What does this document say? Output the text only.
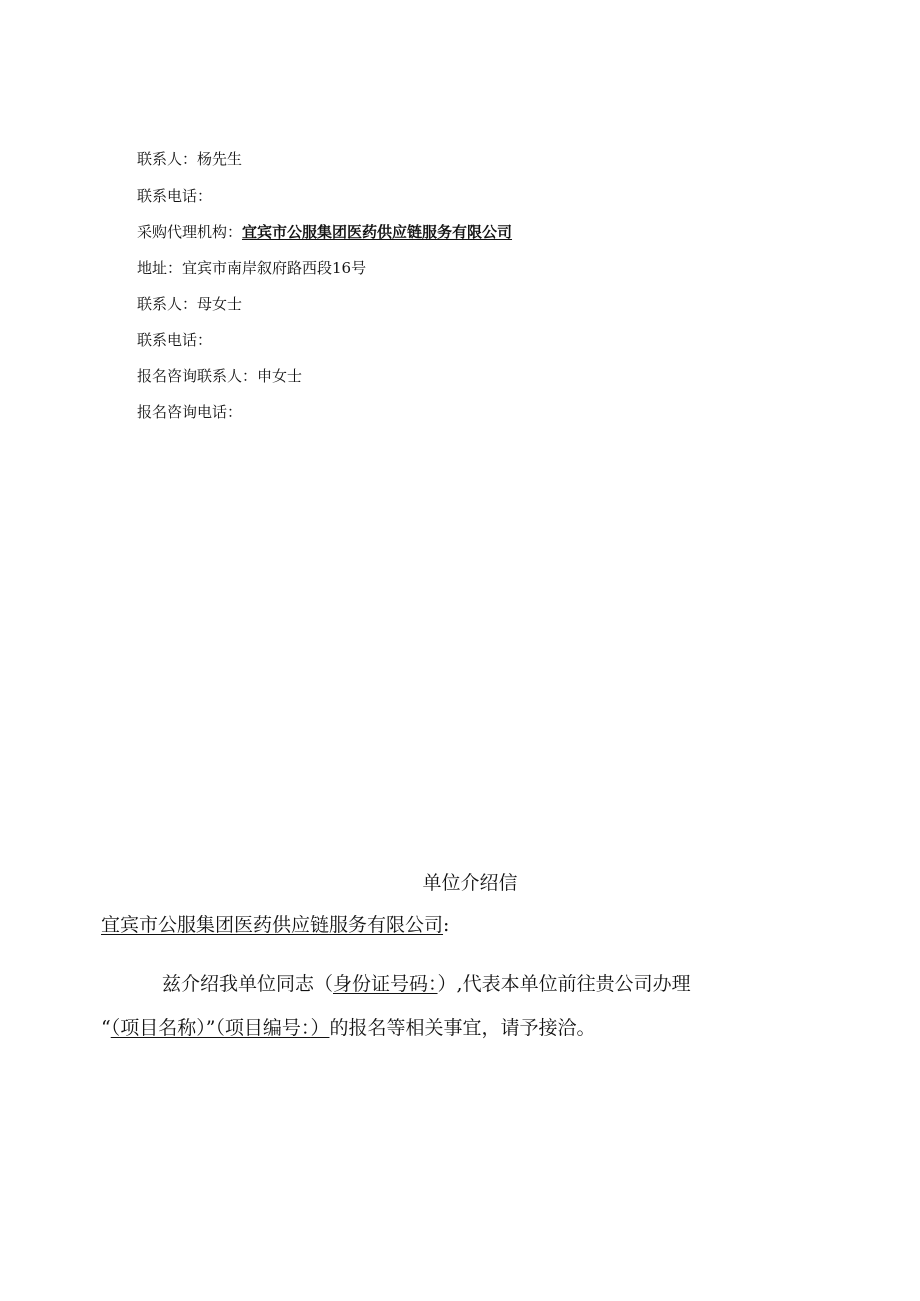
联系人：杨先生
联系电话：
采购代理机构：宜宾市公服集团医药供应链服务有限公司
地址：宜宾市南岸叙府路西段16号
联系人：母女士
联系电话：
报名咨询联系人：申女士
报名咨询电话：
单位介绍信
宜宾市公服集团医药供应链服务有限公司:
兹介绍我单位同志（身份证号码：）,代表本单位前往贵公司办理
“（项目名称）”（项目编号：）的报名等相关事宜，请予接洽。
